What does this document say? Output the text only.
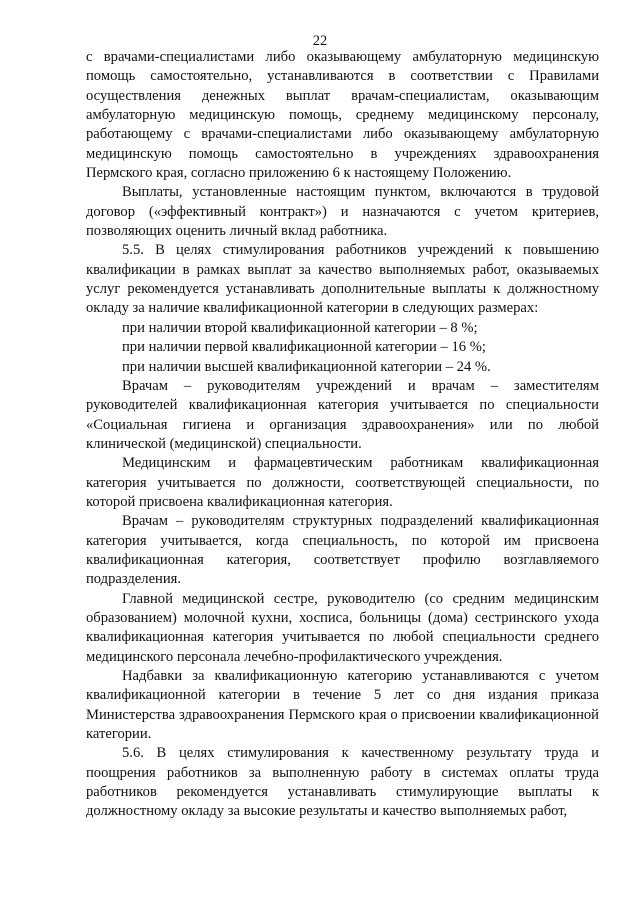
22

с врачами-специалистами либо оказывающему амбулаторную медицинскую помощь самостоятельно, устанавливаются в соответствии с Правилами осуществления денежных выплат врачам-специалистам, оказывающим амбулаторную медицинскую помощь, среднему медицинскому персоналу, работающему с врачами-специалистами либо оказывающему амбулаторную медицинскую помощь самостоятельно в учреждениях здравоохранения Пермского края, согласно приложению 6 к настоящему Положению.

Выплаты, установленные настоящим пунктом, включаются в трудовой договор («эффективный контракт») и назначаются с учетом критериев, позволяющих оценить личный вклад работника.

5.5. В целях стимулирования работников учреждений к повышению квалификации в рамках выплат за качество выполняемых работ, оказываемых услуг рекомендуется устанавливать дополнительные выплаты к должностному окладу за наличие квалификационной категории в следующих размерах:

при наличии второй квалификационной категории – 8 %;

при наличии первой квалификационной категории – 16 %;

при наличии высшей квалификационной категории – 24 %.

Врачам – руководителям учреждений и врачам – заместителям руководителей квалификационная категория учитывается по специальности «Социальная гигиена и организация здравоохранения» или по любой клинической (медицинской) специальности.

Медицинским и фармацевтическим работникам квалификационная категория учитывается по должности, соответствующей специальности, по которой присвоена квалификационная категория.

Врачам – руководителям структурных подразделений квалификационная категория учитывается, когда специальность, по которой им присвоена квалификационная категория, соответствует профилю возглавляемого подразделения.

Главной медицинской сестре, руководителю (со средним медицинским образованием) молочной кухни, хосписа, больницы (дома) сестринского ухода квалификационная категория учитывается по любой специальности среднего медицинского персонала лечебно-профилактического учреждения.

Надбавки за квалификационную категорию устанавливаются с учетом квалификационной категории в течение 5 лет со дня издания приказа Министерства здравоохранения Пермского края о присвоении квалификационной категории.

5.6. В целях стимулирования к качественному результату труда и поощрения работников за выполненную работу в системах оплаты труда работников рекомендуется устанавливать стимулирующие выплаты к должностному окладу за высокие результаты и качество выполняемых работ,
